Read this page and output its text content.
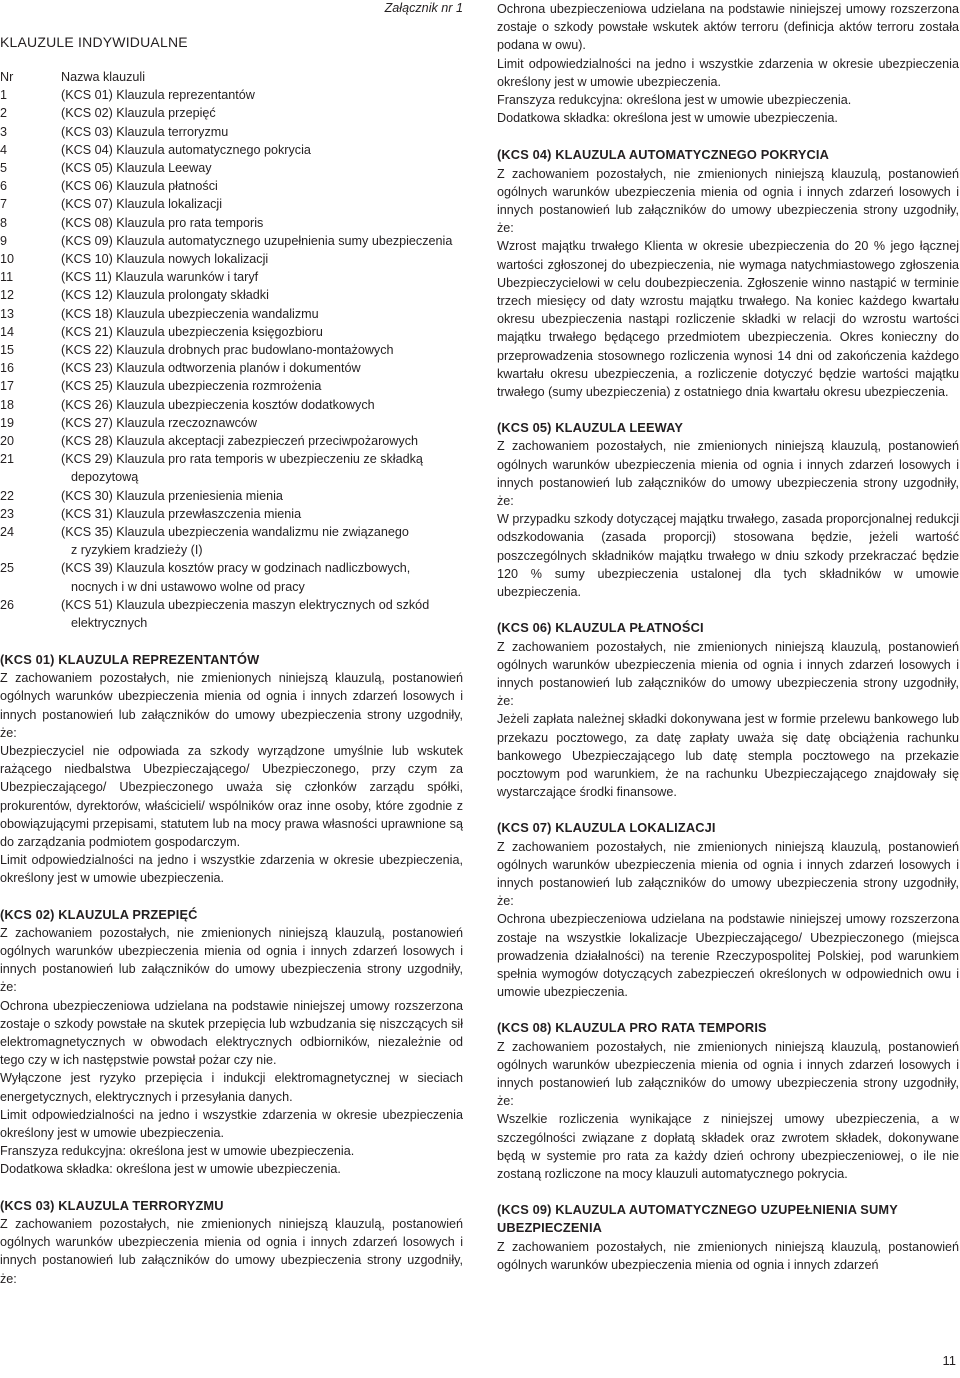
Załącznik nr 1
KLAUZULE INDYWIDUALNE
Nr	Nazwa klauzuli
1	(KCS 01) Klauzula reprezentantów
2	(KCS 02) Klauzula przepięć
3	(KCS 03) Klauzula terroryzmu
4	(KCS 04) Klauzula automatycznego pokrycia
5	(KCS 05) Klauzula Leeway
6	(KCS 06) Klauzula płatności
7	(KCS 07) Klauzula lokalizacji
8	(KCS 08) Klauzula pro rata temporis
9	(KCS 09) Klauzula automatycznego uzupełnienia sumy ubezpieczenia
10	(KCS 10) Klauzula nowych lokalizacji
11	(KCS 11) Klauzula warunków i taryf
12	(KCS 12) Klauzula prolongaty składki
13	(KCS 18) Klauzula ubezpieczenia wandalizmu
14	(KCS 21) Klauzula ubezpieczenia księgozbioru
15	(KCS 22) Klauzula drobnych prac budowlano-montażowych
16	(KCS 23) Klauzula odtworzenia planów i dokumentów
17	(KCS 25) Klauzula ubezpieczenia rozmrożenia
18	(KCS 26) Klauzula ubezpieczenia kosztów dodatkowych
19	(KCS 27) Klauzula rzeczoznawców
20	(KCS 28) Klauzula akceptacji zabezpieczeń przeciwpożarowych
21	(KCS 29) Klauzula pro rata temporis w ubezpieczeniu ze składką
depozytową
22	(KCS 30) Klauzula przeniesienia mienia
23	(KCS 31) Klauzula przewłaszczenia mienia
24	(KCS 35) Klauzula ubezpieczenia wandalizmu nie związanego
z ryzykiem kradzieży (I)
25	(KCS 39) Klauzula kosztów pracy w godzinach nadliczbowych,
nocnych i w dni ustawowo wolne od pracy
26	(KCS 51) Klauzula ubezpieczenia maszyn elektrycznych od szkód
elektrycznych
(KCS 01) KLAUZULA REPREZENTANTÓW

Z zachowaniem pozostałych, nie zmienionych niniejszą klauzulą, postanowień ogólnych warunków ubezpieczenia mienia od ognia i innych zdarzeń losowych i innych postanowień lub załączników do umowy ubezpieczenia strony uzgodniły, że:

Ubezpieczyciel nie odpowiada za szkody wyrządzone umyślnie lub wskutek rażącego niedbalstwa Ubezpieczającego/ Ubezpieczonego, przy czym za Ubezpieczającego/ Ubezpieczonego uważa się członków zarządu spółki, prokurentów, dyrektorów, właścicieli/ wspólników oraz inne osoby, które zgodnie z obowiązującymi przepisami, statutem lub na mocy prawa własności uprawnione są do zarządzania podmiotem gospodarczym.

Limit odpowiedzialności na jedno i wszystkie zdarzenia w okresie ubezpieczenia, określony jest w umowie ubezpieczenia.

(KCS 02) KLAUZULA PRZEPIĘĆ

Z zachowaniem pozostałych, nie zmienionych niniejszą klauzulą, postanowień ogólnych warunków ubezpieczenia mienia od ognia i innych zdarzeń losowych i innych postanowień lub załączników do umowy ubezpieczenia strony uzgodniły, że:

Ochrona ubezpieczeniowa udzielana na podstawie niniejszej umowy rozszerzona zostaje o szkody powstałe na skutek przepięcia lub wzbudzania się niszczących sił elektromagnetycznych w obwodach elektrycznych odbiorników, niezależnie od tego czy w ich następstwie powstał pożar czy nie.

Wyłączone jest ryzyko przepięcia i indukcji elektromagnetycznej w sieciach energetycznych, elektrycznych i przesyłania danych.

Limit odpowiedzialności na jedno i wszystkie zdarzenia w okresie ubezpieczenia określony jest w umowie ubezpieczenia.

Franszyza redukcyjna: określona jest w umowie ubezpieczenia.

Dodatkowa składka: określona jest w umowie ubezpieczenia.

(KCS 03) KLAUZULA TERRORYZMU

Z zachowaniem pozostałych, nie zmienionych niniejszą klauzulą, postanowień ogólnych warunków ubezpieczenia mienia od ognia i innych zdarzeń losowych i innych postanowień lub załączników do umowy ubezpieczenia strony uzgodniły, że:

Ochrona ubezpieczeniowa udzielana na podstawie niniejszej umowy rozszerzona zostaje o szkody powstałe wskutek aktów terroru (definicja aktów terroru została podana w owu).

Limit odpowiedzialności na jedno i wszystkie zdarzenia w okresie ubezpieczenia określony jest w umowie ubezpieczenia.

Franszyza redukcyjna: określona jest w umowie ubezpieczenia.

Dodatkowa składka: określona jest w umowie ubezpieczenia.

(KCS 04) KLAUZULA AUTOMATYCZNEGO POKRYCIA

Z zachowaniem pozostałych, nie zmienionych niniejszą klauzulą, postanowień ogólnych warunków ubezpieczenia mienia od ognia i innych zdarzeń losowych i innych postanowień lub załączników do umowy ubezpieczenia strony uzgodniły, że:

Wzrost majątku trwałego Klienta w okresie ubezpieczenia do 20 % jego łącznej wartości zgłoszonej do ubezpieczenia, nie wymaga natychmiastowego zgłoszenia Ubezpieczycielowi w celu doubezpieczenia. Zgłoszenie winno nastąpić w terminie trzech miesięcy od daty wzrostu majątku trwałego. Na koniec każdego kwartału okresu ubezpieczenia nastąpi rozliczenie składki w relacji do wzrostu wartości majątku trwałego będącego przedmiotem ubezpieczenia. Okres konieczny do przeprowadzenia stosownego rozliczenia wynosi 14 dni od zakończenia każdego kwartału okresu ubezpieczenia, a rozliczenie dotyczyć będzie wartości majątku trwałego (sumy ubezpieczenia) z ostatniego dnia kwartału okresu ubezpieczenia.

(KCS 05) KLAUZULA LEEWAY

Z zachowaniem pozostałych, nie zmienionych niniejszą klauzulą, postanowień ogólnych warunków ubezpieczenia mienia od ognia i innych zdarzeń losowych i innych postanowień lub załączników do umowy ubezpieczenia strony uzgodniły, że:

W przypadku szkody dotyczącej majątku trwałego, zasada proporcjonalnej redukcji odszkodowania (zasada proporcji) stosowana będzie, jeżeli wartość poszczególnych składników majątku trwałego w dniu szkody przekraczać będzie 120 % sumy ubezpieczenia ustalonej dla tych składników w umowie ubezpieczenia.

(KCS 06) KLAUZULA PŁATNOŚCI

Z zachowaniem pozostałych, nie zmienionych niniejszą klauzulą, postanowień ogólnych warunków ubezpieczenia mienia od ognia i innych zdarzeń losowych i innych postanowień lub załączników do umowy ubezpieczenia strony uzgodniły, że:

Jeżeli zapłata należnej składki dokonywana jest w formie przelewu bankowego lub przekazu pocztowego, za datę zapłaty uważa się datę obciążenia rachunku bankowego Ubezpieczającego lub datę stempla pocztowego na przekazie pocztowym pod warunkiem, że na rachunku Ubezpieczającego znajdowały się wystarczające środki finansowe.

(KCS 07) KLAUZULA LOKALIZACJI

Z zachowaniem pozostałych, nie zmienionych niniejszą klauzulą, postanowień ogólnych warunków ubezpieczenia mienia od ognia i innych zdarzeń losowych i innych postanowień lub załączników do umowy ubezpieczenia strony uzgodniły, że:

Ochrona ubezpieczeniowa udzielana na podstawie niniejszej umowy rozszerzona zostaje na wszystkie lokalizacje Ubezpieczającego/ Ubezpieczonego (miejsca prowadzenia działalności) na terenie Rzeczypospolitej Polskiej, pod warunkiem spełnia wymogów dotyczących zabezpieczeń określonych w odpowiednich owu i umowie ubezpieczenia.

(KCS 08) KLAUZULA PRO RATA TEMPORIS

Z zachowaniem pozostałych, nie zmienionych niniejszą klauzulą, postanowień ogólnych warunków ubezpieczenia mienia od ognia i innych zdarzeń losowych i innych postanowień lub załączników do umowy ubezpieczenia strony uzgodniły, że:

Wszelkie rozliczenia wynikające z niniejszej umowy ubezpieczenia, a w szczególności związane z dopłatą składek oraz zwrotem składek, dokonywane będą w systemie pro rata za każdy dzień ochrony ubezpieczeniowej, o ile nie zostaną rozliczone na mocy klauzuli automatycznego pokrycia.

(KCS 09) KLAUZULA AUTOMATYCZNEGO UZUPEŁNIENIA SUMY UBEZPIECZENIA

Z zachowaniem pozostałych, nie zmienionych niniejszą klauzulą, postanowień ogólnych warunków ubezpieczenia mienia od ognia i innych zdarzeń

11
